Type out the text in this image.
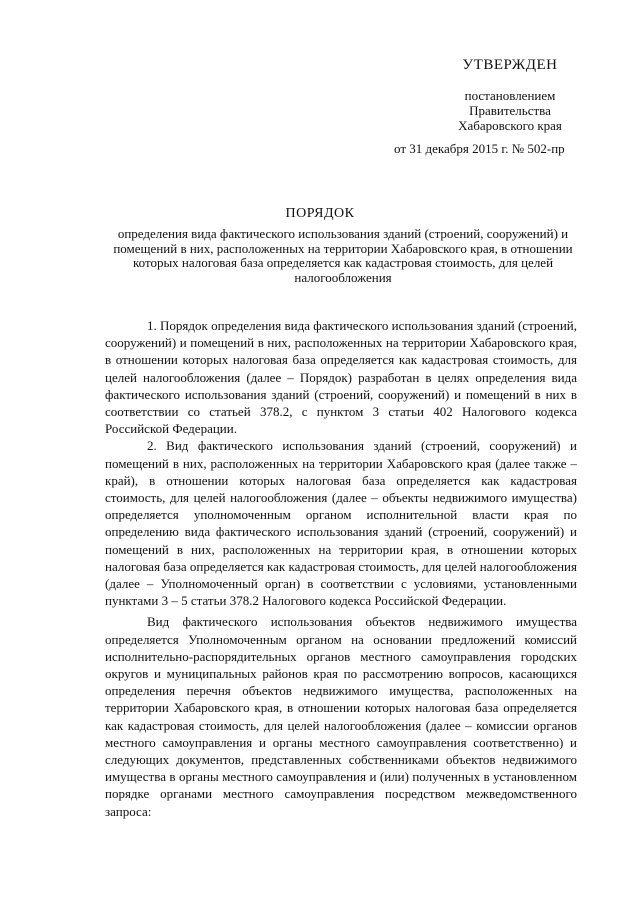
УТВЕРЖДЕН
постановлением
Правительства
Хабаровского края
от 31 декабря 2015 г. № 502-пр
ПОРЯДОК
определения вида фактического использования зданий (строений, сооружений) и помещений в них, расположенных на территории Хабаровского края, в отношении которых налоговая база определяется как кадастровая стоимость, для целей налогообложения

1. Порядок определения вида фактического использования зданий (строений, сооружений) и помещений в них, расположенных на территории Хабаровского края, в отношении которых налоговая база определяется как кадастровая стоимость, для целей налогообложения (далее – Порядок) разработан в целях определения вида фактического использования зданий (строений, сооружений) и помещений в них в соответствии со статьей 378.2, с пунктом 3 статьи 402 Налогового кодекса Российской Федерации.

2. Вид фактического использования зданий (строений, сооружений) и помещений в них, расположенных на территории Хабаровского края (далее также – край), в отношении которых налоговая база определяется как кадастровая стоимость, для целей налогообложения (далее – объекты недвижимого имущества) определяется уполномоченным органом исполнительной власти края по определению вида фактического использования зданий (строений, сооружений) и помещений в них, расположенных на территории края, в отношении которых налоговая база определяется как кадастровая стоимость, для целей налогообложения (далее – Уполномоченный орган) в соответствии с условиями, установленными пунктами 3 – 5 статьи 378.2 Налогового кодекса Российской Федерации.

Вид фактического использования объектов недвижимого имущества определяется Уполномоченным органом на основании предложений комиссий исполнительно-распорядительных органов местного самоуправления городских округов и муниципальных районов края по рассмотрению вопросов, касающихся определения перечня объектов недвижимого имущества, расположенных на территории Хабаровского края, в отношении которых налоговая база определяется как кадастровая стоимость, для целей налогообложения (далее – комиссии органов местного самоуправления и органы местного самоуправления соответственно) и следующих документов, представленных собственниками объектов недвижимого имущества в органы местного самоуправления и (или) полученных в установленном порядке органами местного самоуправления посредством межведомственного запроса:
